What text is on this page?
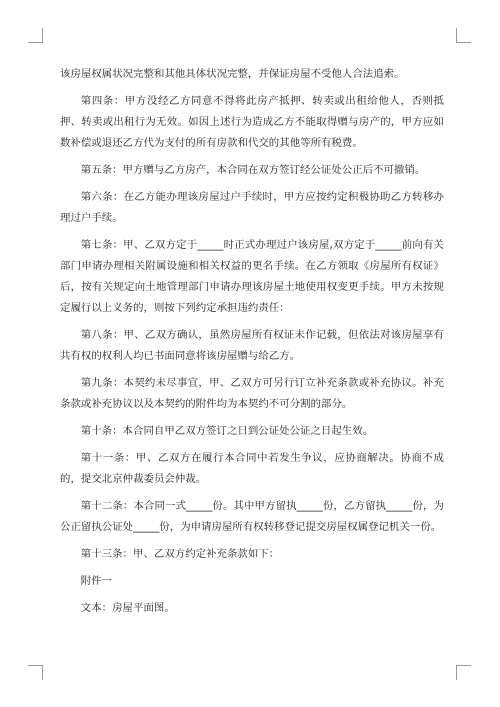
该房屋权属状况完整和其他具体状况完整，并保证房屋不受他人合法追索。

第四条：甲方没经乙方同意不得将此房产抵押、转卖或出租给他人，否则抵押、转卖或出租行为无效。如因上述行为造成乙方不能取得赠与房产的，甲方应如数补偿或退还乙方代为支付的所有房款和代交的其他等所有税费。

第五条：甲方赠与乙方房产，本合同在双方签订经公证处公正后不可撤销。

第六条：在乙方能办理该房屋过户手续时，甲方应按约定积极协助乙方转移办理过户手续。

第七条：甲、乙双方定于_____时正式办理过户该房屋,双方定于_____前向有关部门申请办理相关附属设施和相关权益的更名手续。在乙方领取《房屋所有权证》后，按有关规定向土地管理部门申请办理该房屋土地使用权变更手续。甲方未按规定履行以上义务的，则按下列约定承担违约责任：

第八条：甲、乙双方确认，虽然房屋所有权证未作记载，但依法对该房屋享有共有权的权利人均已书面同意将该房屋赠与给乙方。

第九条：本契约未尽事宜，甲、乙双方可另行订立补充条款或补充协议。补充条款或补充协议以及本契约的附件均为本契约不可分割的部分。

第十条：本合同自甲乙双方签订之日到公证处公证之日起生效。

第十一条：甲、乙双方在履行本合同中若发生争议，应协商解决。协商不成的，提交北京仲裁委员会仲裁。

第十二条：本合同一式_____份。其中甲方留执_____份，乙方留执_____份，为公正留执公证处_____份，为申请房屋所有权转移登记提交房屋权属登记机关一份。

第十三条：甲、乙双方约定补充条款如下：

附件一

文本：房屋平面图。
